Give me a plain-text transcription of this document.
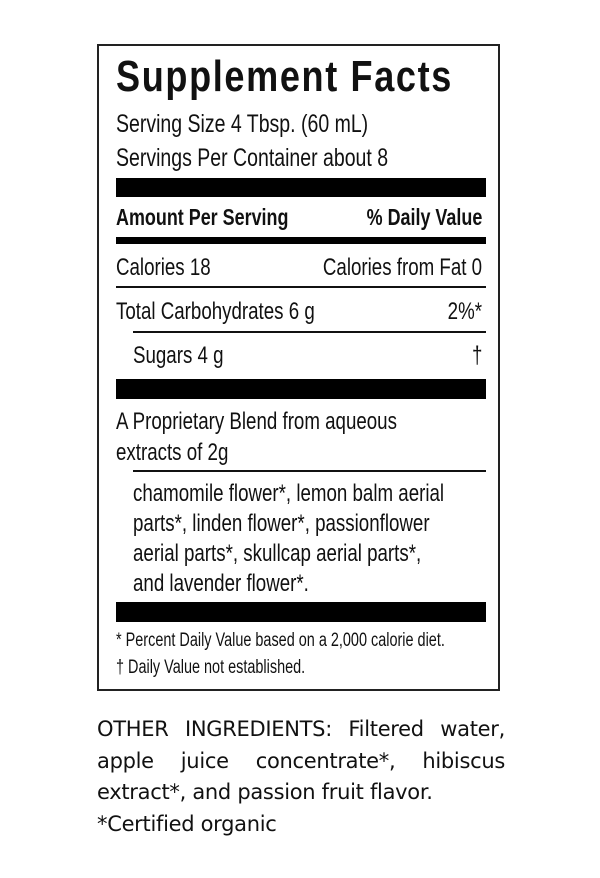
Supplement Facts
Serving Size 4 Tbsp. (60 mL)
Servings Per Container about 8
Amount Per Serving	% Daily Value
Calories 18	Calories from Fat 0
Total Carbohydrates 6 g	2%*
Sugars 4 g	†
A Proprietary Blend from aqueous
extracts of 2g
chamomile flower*, lemon balm aerial
parts*, linden flower*, passionflower
aerial parts*, skullcap aerial parts*,
and lavender flower*.
* Percent Daily Value based on a 2,000 calorie diet.
† Daily Value not established.

OTHER INGREDIENTS: Filtered water, apple juice concentrate*, hibiscus extract*, and passion fruit flavor.

*Certified organic
